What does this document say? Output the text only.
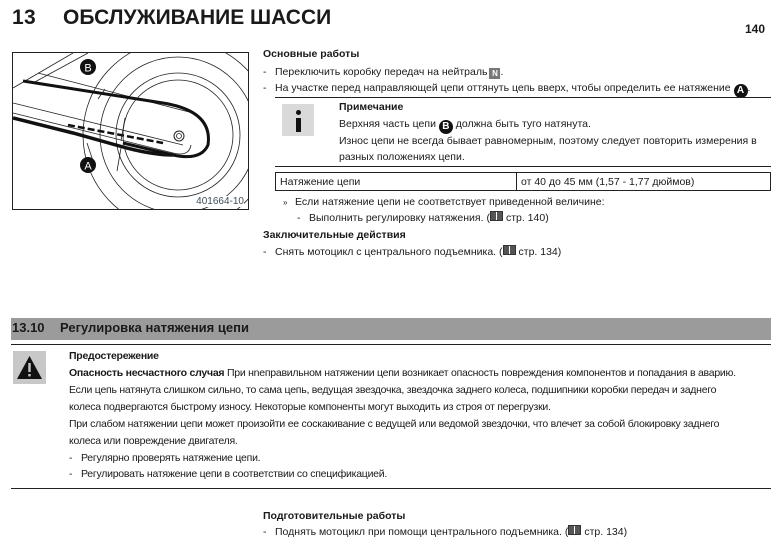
13 ОБСЛУЖИВАНИЕ ШАССИ	140
B
A
401664-10
Основные работы
- Переключить коробку передач на нейтраль N .
- На участке перед направляющей цепи оттянуть цепь вверх, чтобы определить ее натяжение A .
Примечание
Верхняя часть цепи B должна быть туго натянута.
Износ цепи не всегда бывает равномерным, поэтому следует повторить измерения в
разных положениях цепи.
Натяжение цепи	от 40 до 45 мм (1,57 - 1,77 дюймов)
» Если натяжение цепи не соответствует приведенной величине:
- Выполнить регулировку натяжения. ( стр. 140)
Заключительные действия
- Снять мотоцикл с центрального подъемника. ( стр. 134)
13.10 Регулировка натяжения цепи
Предостережение
Опасность несчастного случая При нneправильном натяжении цепи возникает опасность повреждения компонентов и попадания в аварию.
Если цепь натянута слишком сильно, то сама цепь, ведущая звездочка, звездочка заднего колеса, подшипники коробки передач и заднего
колеса подвергаются быстрому износу. Некоторые компоненты могут выходить из строя от перегрузки.
При слабом натяжении цепи может произойти ее соскакивание с ведущей или ведомой звездочки, что влечет за собой блокировку заднего
колеса или повреждение двигателя.
- Регулярно проверять натяжение цепи.
- Регулировать натяжение цепи в соответствии со спецификацией.
Подготовительные работы
- Поднять мотоцикл при помощи центрального подъемника. ( стр. 134)
